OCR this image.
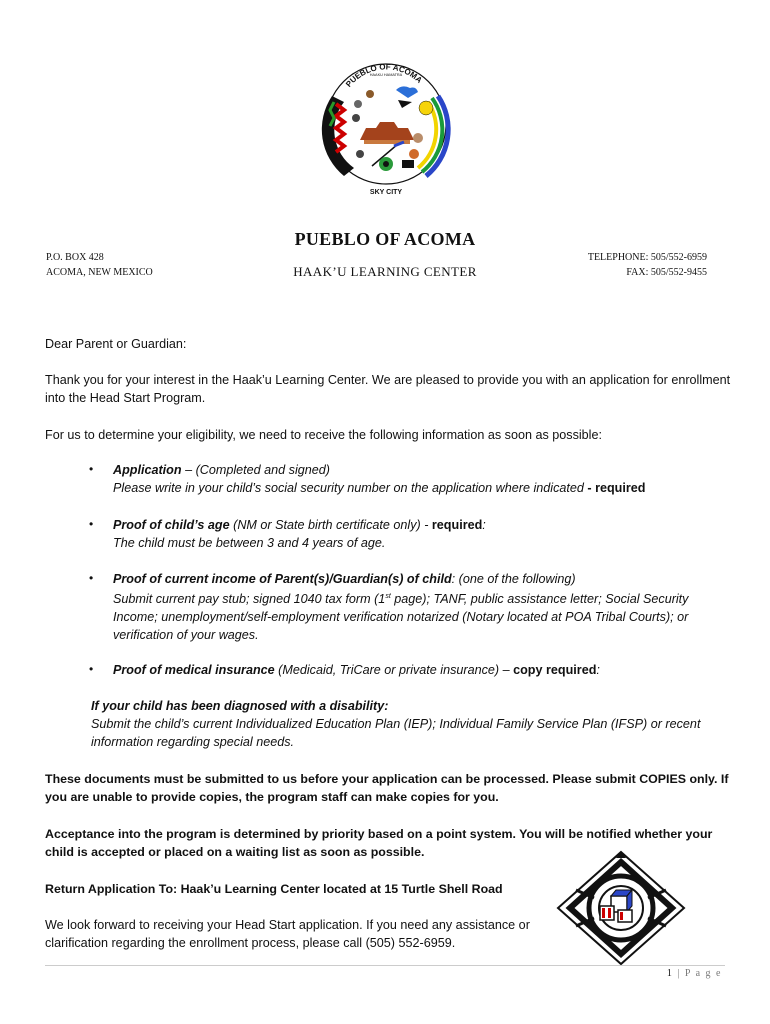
PUEBLO OF ACOMA
HAAKU HAMATRA
SKY CITY
PUEBLO OF ACOMA
HAAK’U LEARNING CENTER
P.O. BOX 428
ACOMA, NEW MEXICO
TELEPHONE: 505/552-6959
FAX: 505/552-9455
Dear Parent or Guardian:
Thank you for your interest in the Haak’u Learning Center. We are pleased to provide you with an application for enrollment into the Head Start Program.
For us to determine your eligibility, we need to receive the following information as soon as possible:
• Application – (Completed and signed)
Please write in your child’s social security number on the application where indicated - required
• Proof of child’s age (NM or State birth certificate only) - required:
The child must be between 3 and 4 years of age.
• Proof of current income of Parent(s)/Guardian(s) of child: (one of the following)
Submit current pay stub; signed 1040 tax form (1st page); TANF, public assistance letter; Social Security Income; unemployment/self-employment verification notarized (Notary located at POA Tribal Courts); or verification of your wages.
• Proof of medical insurance (Medicaid, TriCare or private insurance) – copy required:
If your child has been diagnosed with a disability:
Submit the child’s current Individualized Education Plan (IEP); Individual Family Service Plan (IFSP) or recent information regarding special needs.
These documents must be submitted to us before your application can be processed. Please submit COPIES only. If you are unable to provide copies, the program staff can make copies for you.
Acceptance into the program is determined by priority based on a point system. You will be notified whether your child is accepted or placed on a waiting list as soon as possible.
Return Application To: Haak’u Learning Center located at 15 Turtle Shell Road
We look forward to receiving your Head Start application. If you need any assistance or clarification regarding the enrollment process, please call (505) 552-6959.
1 | P a g e
